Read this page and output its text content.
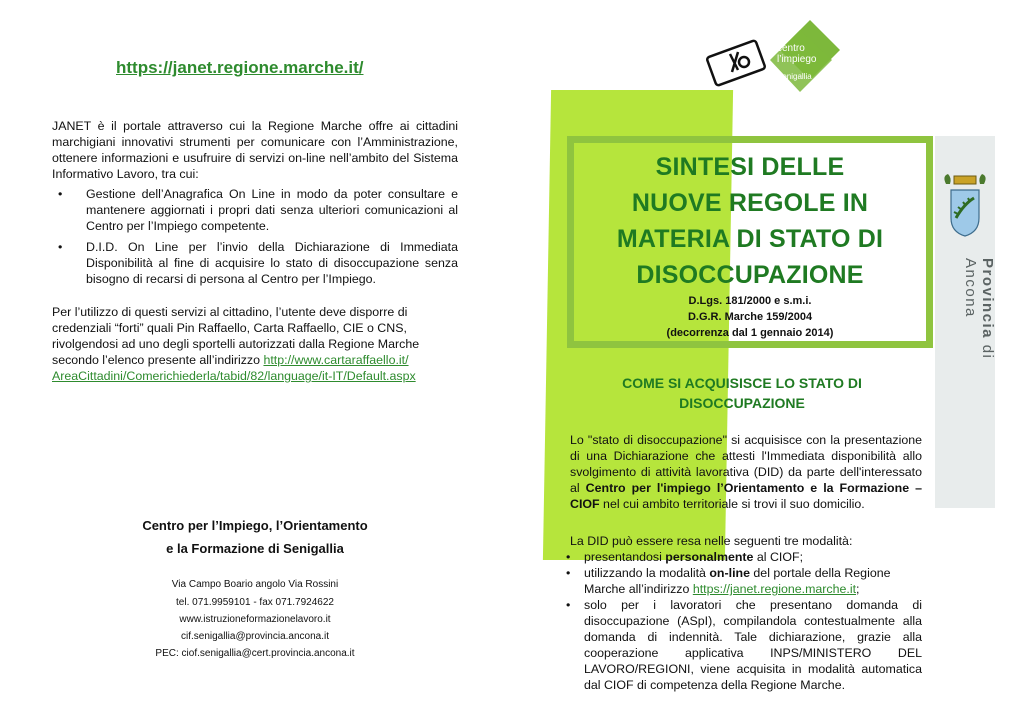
https://janet.regione.marche.it/
JANET è il portale attraverso cui la Regione Marche offre ai cittadini marchigiani innovativi strumenti per comunicare con l’Amministrazione, ottenere informazioni e usufruire di servizi on-line nell’ambito del Sistema Informativo Lavoro, tra cui:
• Gestione dell’Anagrafica On Line in modo da poter consultare e mantenere aggiornati i propri dati senza ulteriori comunicazioni al Centro per l’Impiego competente.
• D.I.D. On Line per l’invio della Dichiarazione di Immediata Disponibilità al fine di acquisire lo stato di disoccupazione senza bisogno di recarsi di persona al Centro per l’Impiego.
Per l’utilizzo di questi servizi al cittadino, l’utente deve disporre di credenziali “forti” quali Pin Raffaello, Carta Raffaello, CIE o CNS, rivolgendosi ad uno degli sportelli autorizzati dalla Regione Marche secondo l’elenco presente all’indirizzo http://www.cartaraffaello.it/
AreaCittadini/Comerichiederla/tabid/82/language/it-IT/Default.aspx
Centro per l’Impiego, l’Orientamento
e la Formazione di Senigallia
Via Campo Boario angolo Via Rossini
tel. 071.9959101 - fax 071.7924622
www.istruzioneformazionelavoro.it
cif.senigallia@provincia.ancona.it
PEC: ciof.senigallia@cert.provincia.ancona.it
centro
l’impiego
Senigallia
SINTESI DELLE
NUOVE REGOLE IN
MATERIA DI STATO DI
DISOCCUPAZIONE
D.Lgs. 181/2000 e s.m.i.
D.G.R. Marche 159/2004
(decorrenza dal 1 gennaio 2014)
COME SI ACQUISISCE LO STATO DI
DISOCCUPAZIONE
Lo "stato di disoccupazione" si acquisisce con la presentazione di una Dichiarazione che attesti l'Immediata disponibilità allo svolgimento di attività lavorativa (DID) da parte dell'interessato al Centro per l'impiego l’Orientamento e la Formazione – CIOF nel cui ambito territoriale si trovi il suo domicilio.
La DID può essere resa nelle seguenti tre modalità:
• presentandosi personalmente al CIOF;
• utilizzando la modalità on-line del portale della Regione Marche all’indirizzo https://janet.regione.marche.it;
• solo per i lavoratori che presentano domanda di disoccupazione (ASpI), compilandola contestualmente alla domanda di indennità. Tale dichiarazione, grazie alla cooperazione applicativa INPS/MINISTERO DEL LAVORO/REGIONI, viene acquisita in modalità automatica dal CIOF di competenza della Regione Marche.
Provincia di Ancona
